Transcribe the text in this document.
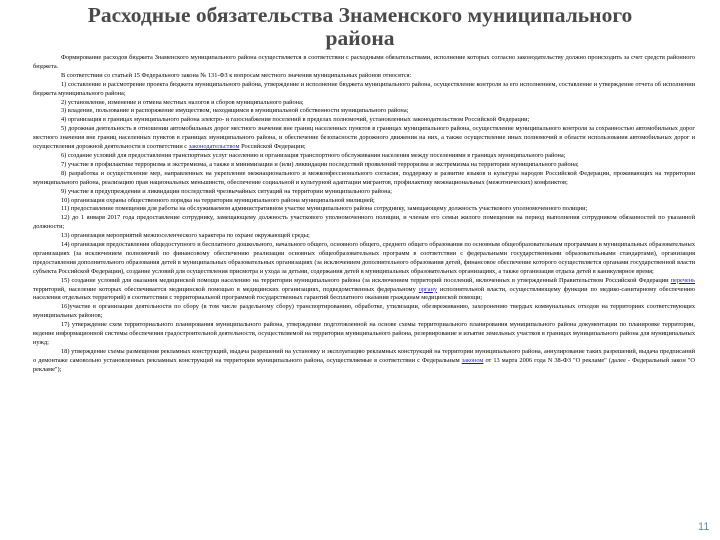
Расходные обязательства Знаменского муниципального района

Формирование расходов бюджета Знаменского муниципального района осуществляется в соответствии с расходными обязательствами, исполнение которых согласно законодательству должно происходить за счет средств районного бюджета.

В соответствии со статьей 15 Федерального закона № 131-ФЗ к вопросам местного значения муниципальных районов относятся:

1) составление и рассмотрение проекта бюджета муниципального района, утверждение и исполнение бюджета муниципального района, осуществление контроля за его исполнением, составление и утверждение отчета об исполнении бюджета муниципального района;

2) установление, изменение и отмена местных налогов и сборов муниципального района;

3) владение, пользование и распоряжение имуществом, находящимся в муниципальной собственности муниципального района;

4) организация в границах муниципального района электро- и газоснабжения поселений в пределах полномочий, установленных законодательством Российской Федерации;

5) дорожная деятельность в отношении автомобильных дорог местного значения вне границ населенных пунктов в границах муниципального района, осуществление муниципального контроля за сохранностью автомобильных дорог местного значения вне границ населенных пунктов в границах муниципального района, и обеспечение безопасности дорожного движения на них, а также осуществление иных полномочий в области использования автомобильных дорог и осуществления дорожной деятельности в соответствии с законодательством Российской Федерации;

6) создание условий для предоставления транспортных услуг населению и организация транспортного обслуживания населения между поселениями в границах муниципального района;

7) участие в профилактике терроризма и экстремизма, а также в минимизации и (или) ликвидации последствий проявлений терроризма и экстремизма на территории муниципального района;

8) разработка и осуществление мер, направленных на укрепление межнационального и межконфессионального согласия, поддержку и развитие языков и культуры народов Российской Федерации, проживающих на территории муниципального района, реализацию прав национальных меньшинств, обеспечение социальной и культурной адаптации мигрантов, профилактику межнациональных (межэтнических) конфликтов;

9) участие в предупреждении и ликвидации последствий чрезвычайных ситуаций на территории муниципального района;

10) организация охраны общественного порядка на территории муниципального района муниципальной милицией;

11) предоставление помещения для работы на обслуживаемом административном участке муниципального района сотруднику, замещающему должность участкового уполномоченного полиции;

12) до 1 января 2017 года предоставление сотруднику, замещающему должность участкового уполномоченного полиции, и членам его семьи жилого помещения на период выполнения сотрудником обязанностей по указанной должности;

13) организация мероприятий межпоселенческого характера по охране окружающей среды;

14) организация предоставления общедоступного и бесплатного дошкольного, начального общего, основного общего, среднего общего образования по основным общеобразовательным программам в муниципальных образовательных организациях (за исключением полномочий по финансовому обеспечению реализации основных общеобразовательных программ в соответствии с федеральными государственными образовательными стандартами), организация предоставления дополнительного образования детей в муниципальных образовательных организациях (за исключением дополнительного образования детей, финансовое обеспечение которого осуществляется органами государственной власти субъекта Российской Федерации), создание условий для осуществления присмотра и ухода за детьми, содержания детей в муниципальных образовательных организациях, а также организация отдыха детей в каникулярное время;

15) создание условий для оказания медицинской помощи населению на территории муниципального района (за исключением территорий поселений, включенных в утвержденный Правительством Российской Федерации перечень территорий, население которых обеспечивается медицинской помощью в медицинских организациях, подведомственных федеральному органу исполнительной власти, осуществляющему функции по медико-санитарному обеспечению населения отдельных территорий) в соответствии с территориальной программой государственных гарантий бесплатного оказания гражданам медицинской помощи;

16)участие в организации деятельности по сбору (в том числе раздельному сбору) транспортированию, обработке, утилизации, обезвреживанию, захоронению твердых коммунальных отходов на территориях соответствующих муниципальных районов;

17) утверждение схем территориального планирования муниципального района, утверждение подготовленной на основе схемы территориального планирования муниципального района документации по планировке территории, ведение информационной системы обеспечения градостроительной деятельности, осуществляемой на территории муниципального района, резервирование и изъятие земельных участков в границах муниципального района для муниципальных нужд;

18) утверждение схемы размещения рекламных конструкций, выдача разрешений на установку и эксплуатацию рекламных конструкций на территории муниципального района, аннулирование таких разрешений, выдача предписаний о демонтаже самовольно установленных рекламных конструкций на территории муниципального района, осуществляемые в соответствии с Федеральным законом от 13 марта 2006 года N 38-ФЗ "О рекламе" (далее - Федеральный закон "О рекламе");

11
